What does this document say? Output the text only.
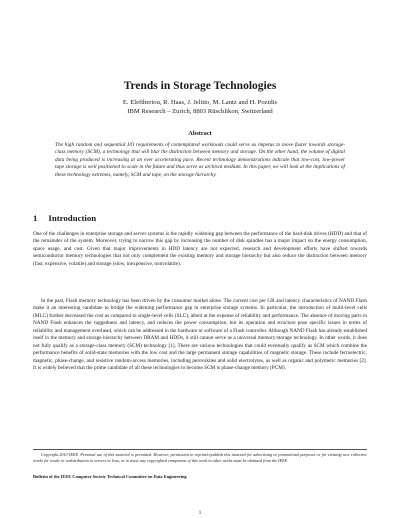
Trends in Storage Technologies

E. Eleftheriou, R. Haas, J. Jelitto, M. Lantz and H. Pozidis

IBM Research – Zurich, 8803 Rüschlikon, Switzerland

Abstract

The high random and sequential I/O requirements of contemplated workloads could serve as impetus to move faster towards storage-class memory (SCM), a technology that will blur the distinction between memory and storage. On the other hand, the volume of digital data being produced is increasing at an ever accelerating pace. Recent technology demonstrations indicate that low-cost, low-power tape storage is well positioned to scale in the future and thus serve as archival medium. In this paper, we will look at the implications of these technology extremes, namely, SCM and tape, on the storage hierarchy.

1 Introduction

One of the challenges in enterprise storage and server systems is the rapidly widening gap between the performance of the hard-disk drives (HDD) and that of the remainder of the system. Moreover, trying to narrow this gap by increasing the number of disk spindles has a major impact on the energy consumption, space usage, and cost. Given that major improvements in HDD latency are not expected, research and development efforts have shifted towards semiconductor memory technologies that not only complement the existing memory and storage hierarchy but also reduce the distinction between memory (fast, expensive, volatile) and storage (slow, inexpensive, nonvolatile).

In the past, Flash memory technology has been driven by the consumer market alone. The current cost per GB and latency characteristics of NAND Flash make it an interesting candidate to bridge the widening performance gap in enterprise storage systems. In particular, the introduction of multi-level cells (MLC) further decreased the cost as compared to single-level cells (SLC), albeit at the expense of reliability and performance. The absence of moving parts in NAND Flash enhances the ruggedness and latency, and reduces the power consumption, but its operation and structure pose specific issues in terms of reliability and management overhead, which can be addressed in the hardware or software of a Flash controller. Although NAND Flash has already established itself in the memory and storage hierarchy between DRAM and HDDs, it still cannot serve as a universal memory/storage technology. In other words, it does not fully qualify as a storage-class memory (SCM) technology [1]. There are various technologies that could eventually qualify as SCM which combine the performance benefits of solid-state memories with the low cost and the large permanent storage capabilities of magnetic storage. These include ferroelectric, magnetic, phase-change, and resistive random-access memories, including perovskites and solid electrolytes, as well as organic and polymeric memories [2]. It is widely believed that the prime candidate of all these technologies to become SCM is phase-change memory (PCM).

Copyright 2010 IEEE. Personal use of this material is permitted. However, permission to reprint/republish this material for advertising or promotional purposes or for creating new collective works for resale or redistribution to servers or lists, or to reuse any copyrighted component of this work in other works must be obtained from the IEEE.

Bulletin of the IEEE Computer Society Technical Committee on Data Engineering

1
